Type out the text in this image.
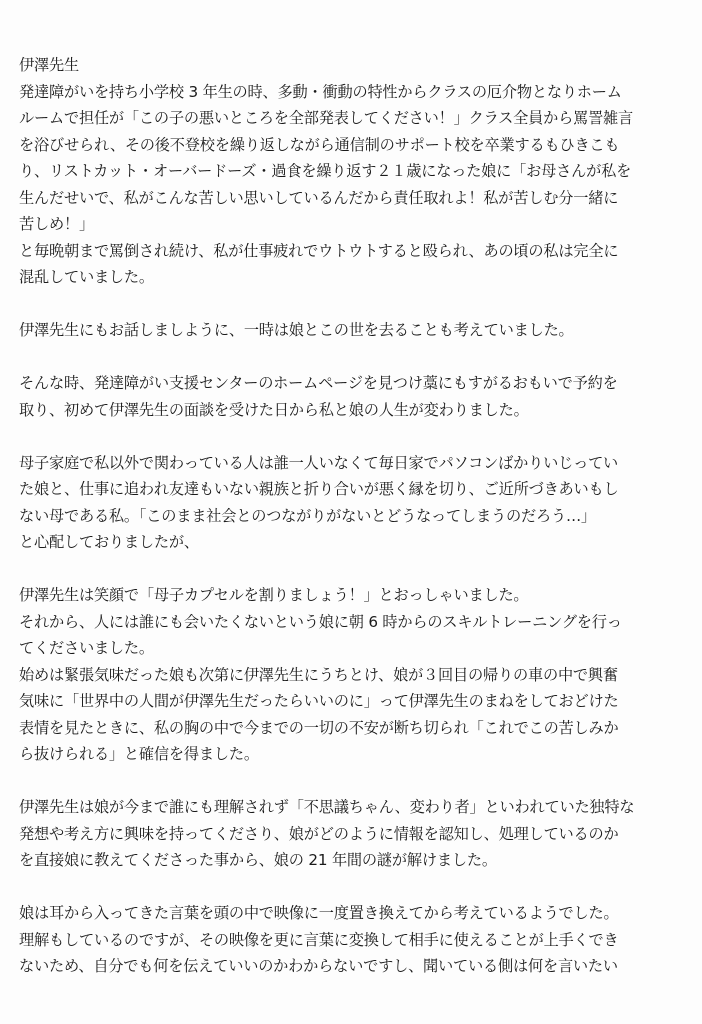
伊澤先生
発達障がいを持ち小学校 3 年生の時、多動・衝動の特性からクラスの厄介物となりホーム
ルームで担任が「この子の悪いところを全部発表してください！」クラス全員から罵詈雑言
を浴びせられ、その後不登校を繰り返しながら通信制のサポート校を卒業するもひきこも
り、リストカット・オーバードーズ・過食を繰り返す２１歳になった娘に「お母さんが私を
生んだせいで、私がこんな苦しい思いしているんだから責任取れよ！私が苦しむ分一緒に
苦しめ！」
と毎晩朝まで罵倒され続け、私が仕事疲れでウトウトすると殴られ、あの頃の私は完全に
混乱していました。
伊澤先生にもお話しましように、一時は娘とこの世を去ることも考えていました。
そんな時、発達障がい支援センターのホームページを見つけ藁にもすがるおもいで予約を
取り、初めて伊澤先生の面談を受けた日から私と娘の人生が変わりました。
母子家庭で私以外で関わっている人は誰一人いなくて毎日家でパソコンばかりいじってい
た娘と、仕事に追われ友達もいない親族と折り合いが悪く縁を切り、ご近所づきあいもし
ない母である私。「このまま社会とのつながりがないとどうなってしまうのだろう…」
と心配しておりましたが、
伊澤先生は笑顔で「母子カプセルを割りましょう！」とおっしゃいました。
それから、人には誰にも会いたくないという娘に朝 6 時からのスキルトレーニングを行っ
てくださいました。
始めは緊張気味だった娘も次第に伊澤先生にうちとけ、娘が３回目の帰りの車の中で興奮
気味に「世界中の人間が伊澤先生だったらいいのに」って伊澤先生のまねをしておどけた
表情を見たときに、私の胸の中で今までの一切の不安が断ち切られ「これでこの苦しみか
ら抜けられる」と確信を得ました。
伊澤先生は娘が今まで誰にも理解されず「不思議ちゃん、変わり者」といわれていた独特な
発想や考え方に興味を持ってくださり、娘がどのように情報を認知し、処理しているのか
を直接娘に教えてくださった事から、娘の 21 年間の謎が解けました。
娘は耳から入ってきた言葉を頭の中で映像に一度置き換えてから考えているようでした。
理解もしているのですが、その映像を更に言葉に変換して相手に使えることが上手くでき
ないため、自分でも何を伝えていいのかわからないですし、聞いている側は何を言いたい
